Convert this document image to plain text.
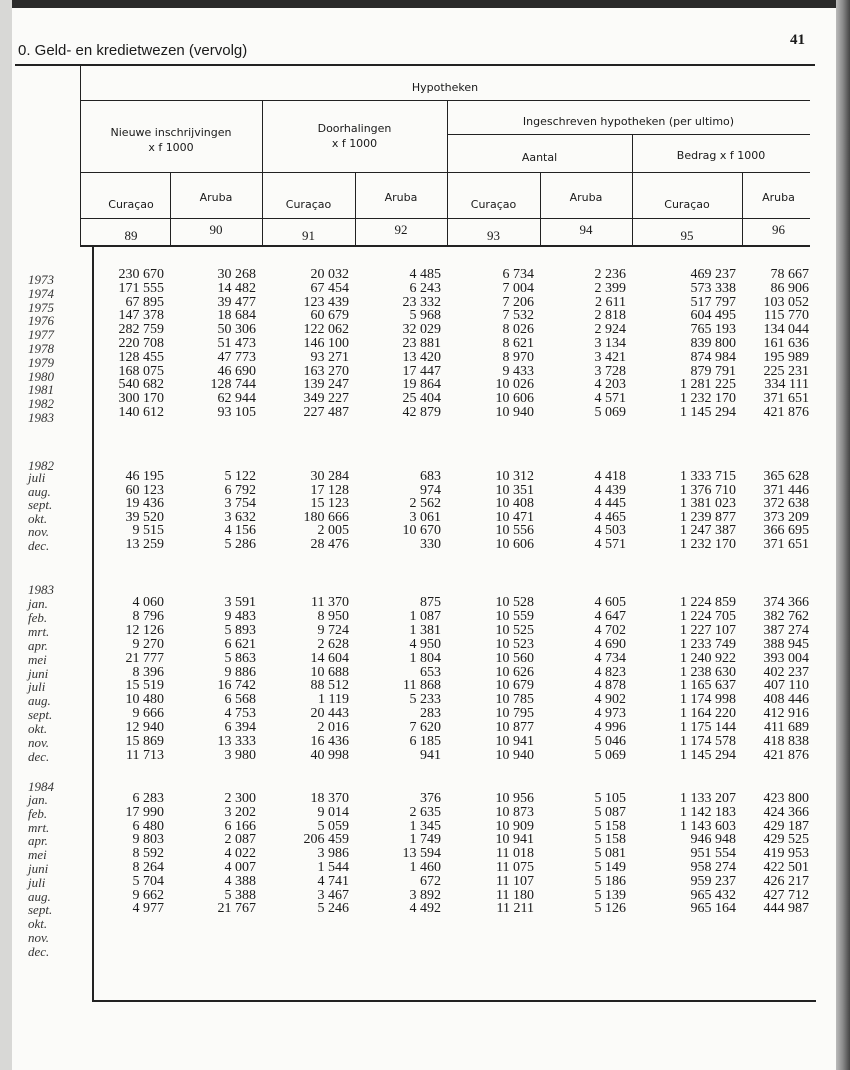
0. Geld- en kredietwezen (vervolg)
41
Hypotheken
Nieuwe inschrijvingen
x f 1000
Doorhalingen
x f 1000
Ingeschreven hypotheken (per ultimo)
Aantal	Bedrag x f 1000
Curaçao
89
Aruba
90
Curaçao
91
Aruba
92
Curaçao
93
Aruba
94
Curaçao
95
Aruba
96
1973	230 670	30 268	20 032	4 485	6 734	2 236	469 237	78 667
1974	171 555	14 482	67 454	6 243	7 004	2 399	573 338	86 906
1975	67 895	39 477	123 439	23 332	7 206	2 611	517 797	103 052
1976	147 378	18 684	60 679	5 968	7 532	2 818	604 495	115 770
1977	282 759	50 306	122 062	32 029	8 026	2 924	765 193	134 044
1978	220 708	51 473	146 100	23 881	8 621	3 134	839 800	161 636
1979	128 455	47 773	93 271	13 420	8 970	3 421	874 984	195 989
1980	168 075	46 690	163 270	17 447	9 433	3 728	879 791	225 231
1981	540 682	128 744	139 247	19 864	10 026	4 203	1 281 225	334 111
1982	300 170	62 944	349 227	25 404	10 606	4 571	1 232 170	371 651
1983	140 612	93 105	227 487	42 879	10 940	5 069	1 145 294	421 876
1982
juli	46 195	5 122	30 284	683	10 312	4 418	1 333 715	365 628
aug.	60 123	6 792	17 128	974	10 351	4 439	1 376 710	371 446
sept.	19 436	3 754	15 123	2 562	10 408	4 445	1 381 023	372 638
okt.	39 520	3 632	180 666	3 061	10 471	4 465	1 239 877	373 209
nov.	9 515	4 156	2 005	10 670	10 556	4 503	1 247 387	366 695
dec.	13 259	5 286	28 476	330	10 606	4 571	1 232 170	371 651
1983
jan.	4 060	3 591	11 370	875	10 528	4 605	1 224 859	374 366
feb.	8 796	9 483	8 950	1 087	10 559	4 647	1 224 705	382 762
mrt.	12 126	5 893	9 724	1 381	10 525	4 702	1 227 107	387 274
apr.	9 270	6 621	2 628	4 950	10 523	4 690	1 233 749	388 945
mei	21 777	5 863	14 604	1 804	10 560	4 734	1 240 922	393 004
juni	8 396	9 886	10 688	653	10 626	4 823	1 238 630	402 237
juli	15 519	16 742	88 512	11 868	10 679	4 878	1 165 637	407 110
aug.	10 480	6 568	1 119	5 233	10 785	4 902	1 174 998	408 446
sept.	9 666	4 753	20 443	283	10 795	4 973	1 164 220	412 916
okt.	12 940	6 394	2 016	7 620	10 877	4 996	1 175 144	411 689
nov.	15 869	13 333	16 436	6 185	10 941	5 046	1 174 578	418 838
dec.	11 713	3 980	40 998	941	10 940	5 069	1 145 294	421 876
1984
jan.	6 283	2 300	18 370	376	10 956	5 105	1 133 207	423 800
feb.	17 990	3 202	9 014	2 635	10 873	5 087	1 142 183	424 366
mrt.	6 480	6 166	5 059	1 345	10 909	5 158	1 143 603	429 187
apr.	9 803	2 087	206 459	1 749	10 941	5 158	946 948	429 525
mei	8 592	4 022	3 986	13 594	11 018	5 081	951 554	419 953
juni	8 264	4 007	1 544	1 460	11 075	5 149	958 274	422 501
juli	5 704	4 388	4 741	672	11 107	5 186	959 237	426 217
aug.	9 662	5 388	3 467	3 892	11 180	5 139	965 432	427 712
sept.	4 977	21 767	5 246	4 492	11 211	5 126	965 164	444 987
okt.
nov.
dec.
